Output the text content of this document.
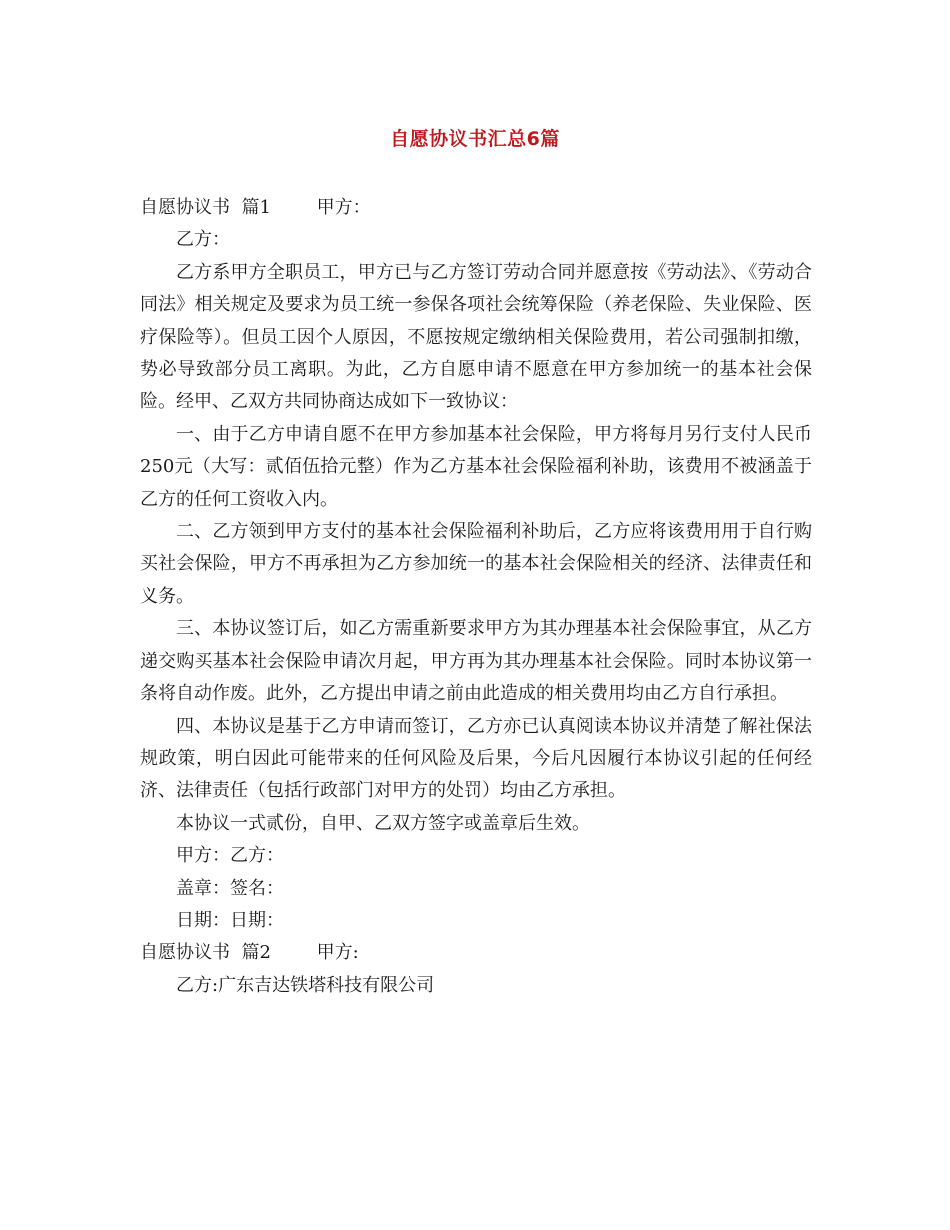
自愿协议书汇总6篇

自愿协议书  篇1        甲方：

乙方：

乙方系甲方全职员工，甲方已与乙方签订劳动合同并愿意按《劳动法》、《劳动合同法》相关规定及要求为员工统一参保各项社会统筹保险（养老保险、失业保险、医疗保险等）。但员工因个人原因，不愿按规定缴纳相关保险费用，若公司强制扣缴，势必导致部分员工离职。为此，乙方自愿申请不愿意在甲方参加统一的基本社会保险。经甲、乙双方共同协商达成如下一致协议：

一、由于乙方申请自愿不在甲方参加基本社会保险，甲方将每月另行支付人民币250元（大写：贰佰伍拾元整）作为乙方基本社会保险福利补助，该费用不被涵盖于乙方的任何工资收入内。

二、乙方领到甲方支付的基本社会保险福利补助后，乙方应将该费用用于自行购买社会保险，甲方不再承担为乙方参加统一的基本社会保险相关的经济、法律责任和义务。

三、本协议签订后，如乙方需重新要求甲方为其办理基本社会保险事宜，从乙方递交购买基本社会保险申请次月起，甲方再为其办理基本社会保险。同时本协议第一条将自动作废。此外，乙方提出申请之前由此造成的相关费用均由乙方自行承担。

四、本协议是基于乙方申请而签订，乙方亦已认真阅读本协议并清楚了解社保法规政策，明白因此可能带来的任何风险及后果，今后凡因履行本协议引起的任何经济、法律责任（包括行政部门对甲方的处罚）均由乙方承担。

本协议一式贰份，自甲、乙双方签字或盖章后生效。

甲方：乙方：

盖章：签名：

日期：日期：

自愿协议书  篇2        甲方:

乙方:广东吉达铁塔科技有限公司
